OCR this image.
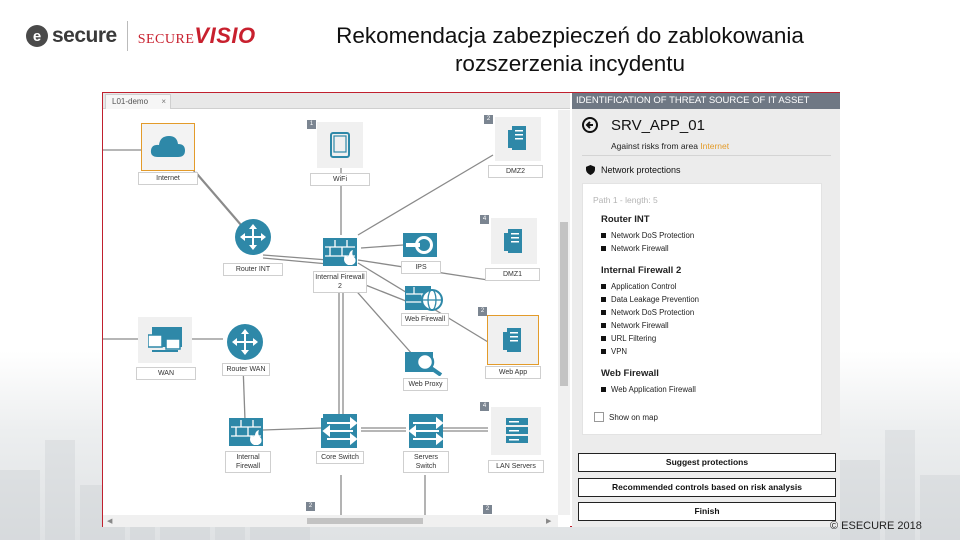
e secure SECURE VISIO	Rekomendacja zabezpieczeń do zablokowania
rozszerzenia incydentu
L01-demo ×
Internet
1
WiFi
2
DMZ2
Router INT
Internal Firewall 2
IPS
4
DMZ1
Web Firewall
2
Web App
WAN
Router WAN
Web Proxy
Internal Firewall
Core Switch	Servers Switch
4
LAN Servers
2	2
◀	▶
IDENTIFICATION OF THREAT SOURCE OF IT ASSET
SRV_APP_01
Against risks from area Internet
Network protections
Path 1 - length: 5
Router INT
Network DoS Protection
Network Firewall
Internal Firewall 2
Application Control
Data Leakage Prevention
Network DoS Protection
Network Firewall
URL Filtering
VPN
Web Firewall
Web Application Firewall
Show on map
Suggest protections
Recommended controls based on risk analysis
Finish
© ESECURE 2018
